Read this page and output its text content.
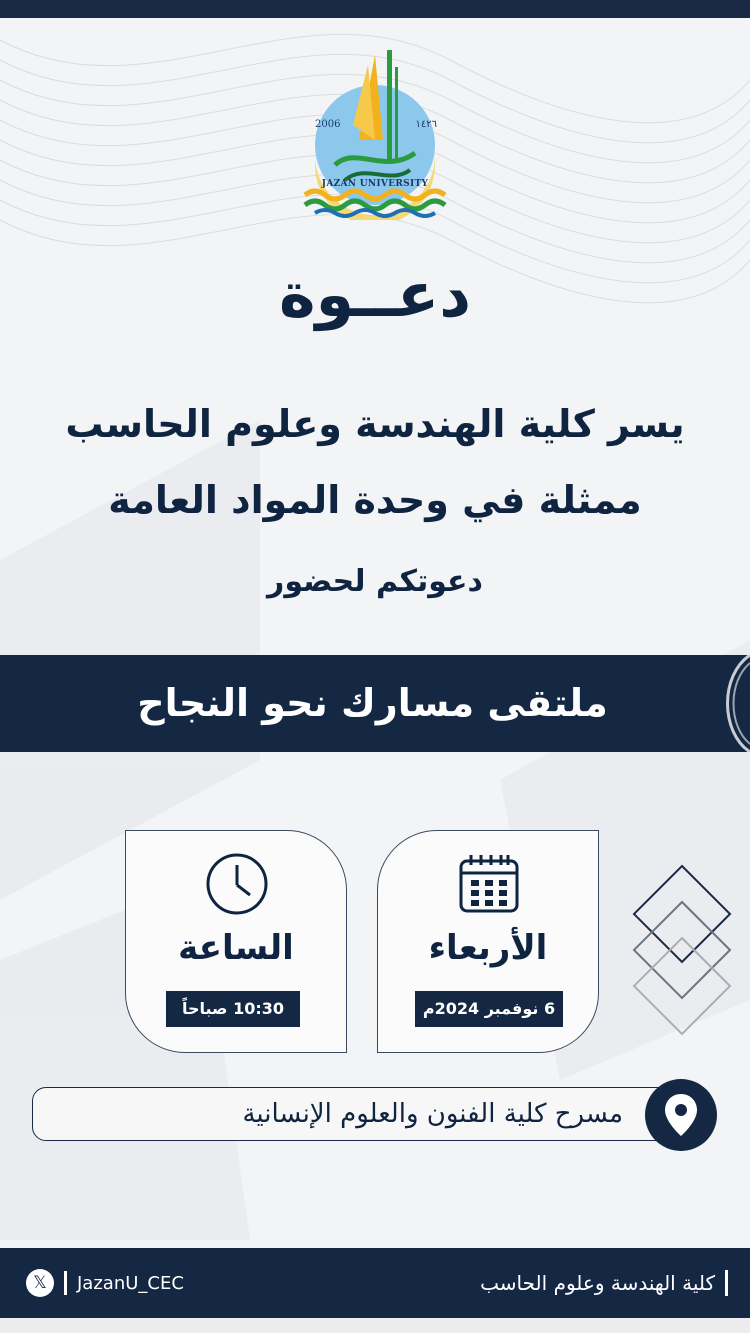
2006	١٤٢٦
JAZAN UNIVERSITY
دعــوة
يسر كلية الهندسة وعلوم الحاسب
ممثلة في وحدة المواد العامة
دعوتكم لحضور
ملتقى مسارك نحو النجاح
الأربعاء
6 نوفمبر 2024م
الساعة
10:30 صباحاً
مسرح كلية الفنون والعلوم الإنسانية
𝕏	JazanU_CEC	كلية الهندسة وعلوم الحاسب
